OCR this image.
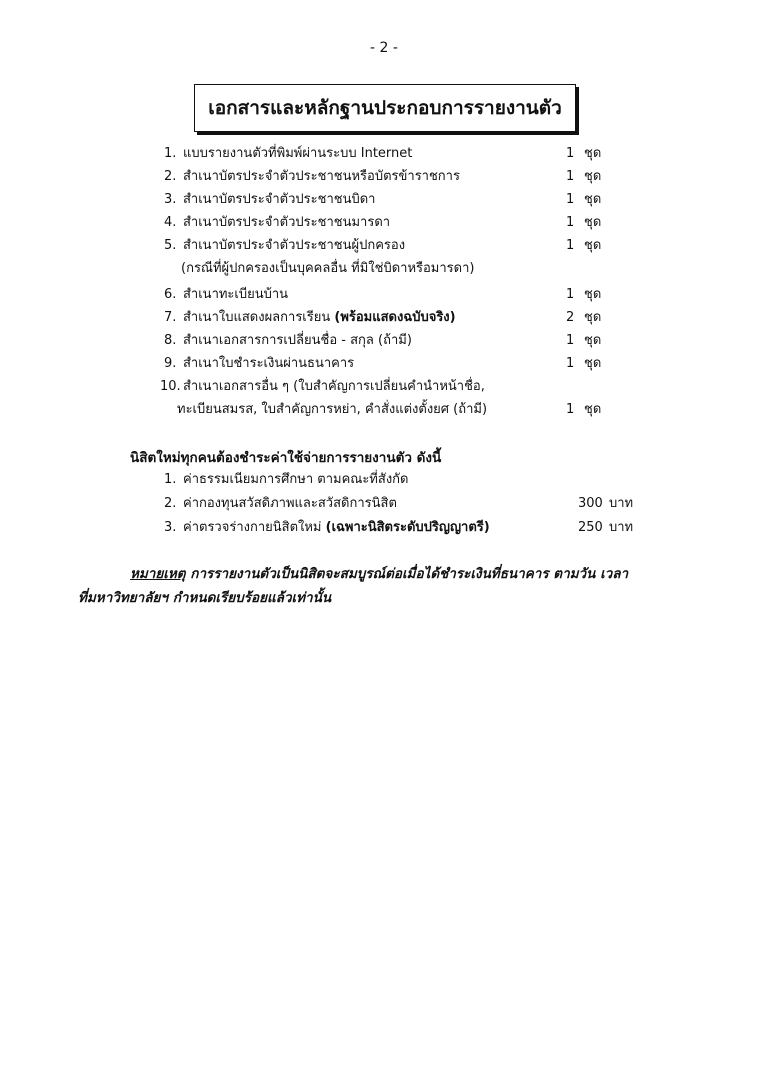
- 2 -
เอกสารและหลักฐานประกอบการรายงานตัว
1. แบบรายงานตัวที่พิมพ์ผ่านระบบ Internet	1 ชุด
2. สำเนาบัตรประจำตัวประชาชนหรือบัตรข้าราชการ	1 ชุด
3. สำเนาบัตรประจำตัวประชาชนบิดา	1 ชุด
4. สำเนาบัตรประจำตัวประชาชนมารดา	1 ชุด
5. สำเนาบัตรประจำตัวประชาชนผู้ปกครอง	1 ชุด
(กรณีที่ผู้ปกครองเป็นบุคคลอื่น ที่มิใช่บิดาหรือมารดา)
6. สำเนาทะเบียนบ้าน	1 ชุด
7. สำเนาใบแสดงผลการเรียน (พร้อมแสดงฉบับจริง)	2 ชุด
8. สำเนาเอกสารการเปลี่ยนชื่อ - สกุล (ถ้ามี)	1 ชุด
9. สำเนาใบชำระเงินผ่านธนาคาร	1 ชุด
10. สำเนาเอกสารอื่น ๆ (ใบสำคัญการเปลี่ยนคำนำหน้าชื่อ,
ทะเบียนสมรส, ใบสำคัญการหย่า, คำสั่งแต่งตั้งยศ (ถ้ามี)	1 ชุด
นิสิตใหม่ทุกคนต้องชำระค่าใช้จ่ายการรายงานตัว ดังนี้
1. ค่าธรรมเนียมการศึกษา ตามคณะที่สังกัด
2. ค่ากองทุนสวัสดิภาพและสวัสดิการนิสิต	300 บาท
3. ค่าตรวจร่างกายนิสิตใหม่ (เฉพาะนิสิตระดับปริญญาตรี)	250 บาท
หมายเหตุ การรายงานตัวเป็นนิสิตจะสมบูรณ์ต่อเมื่อได้ชำระเงินที่ธนาคาร ตามวัน เวลา
ที่มหาวิทยาลัยฯ กำหนดเรียบร้อยแล้วเท่านั้น
